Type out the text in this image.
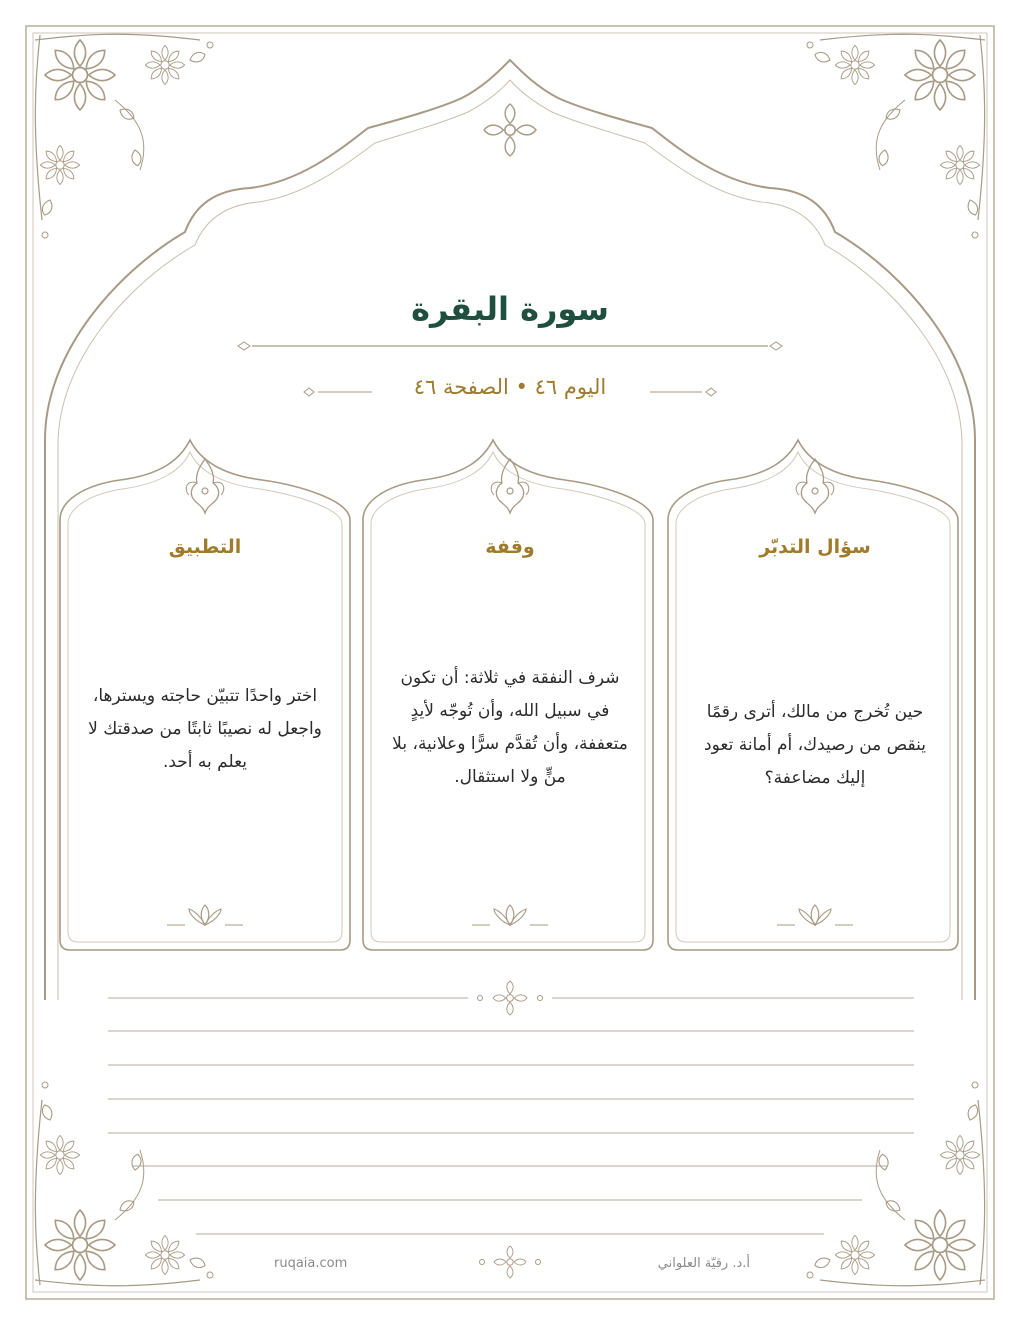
سورة البقرة
اليوم ٤٦ • الصفحة ٤٦
سؤال التدبّر
حين تُخرج من مالك، أترى رقمًا ينقص من رصيدك، أم أمانة تعود إليك مضاعفة؟
وقفة
شرف النفقة في ثلاثة: أن تكون في سبيل الله، وأن تُوجّه لأيدٍ متعففة، وأن تُقدَّم سرًّا وعلانية، بلا منٍّ ولا استثقال.
التطبيق
اختر واحدًا تتبيّن حاجته ويسترها، واجعل له نصيبًا ثابتًا من صدقتك لا يعلم به أحد.
ruqaia.com	أ.د. رقيّة العلواني
